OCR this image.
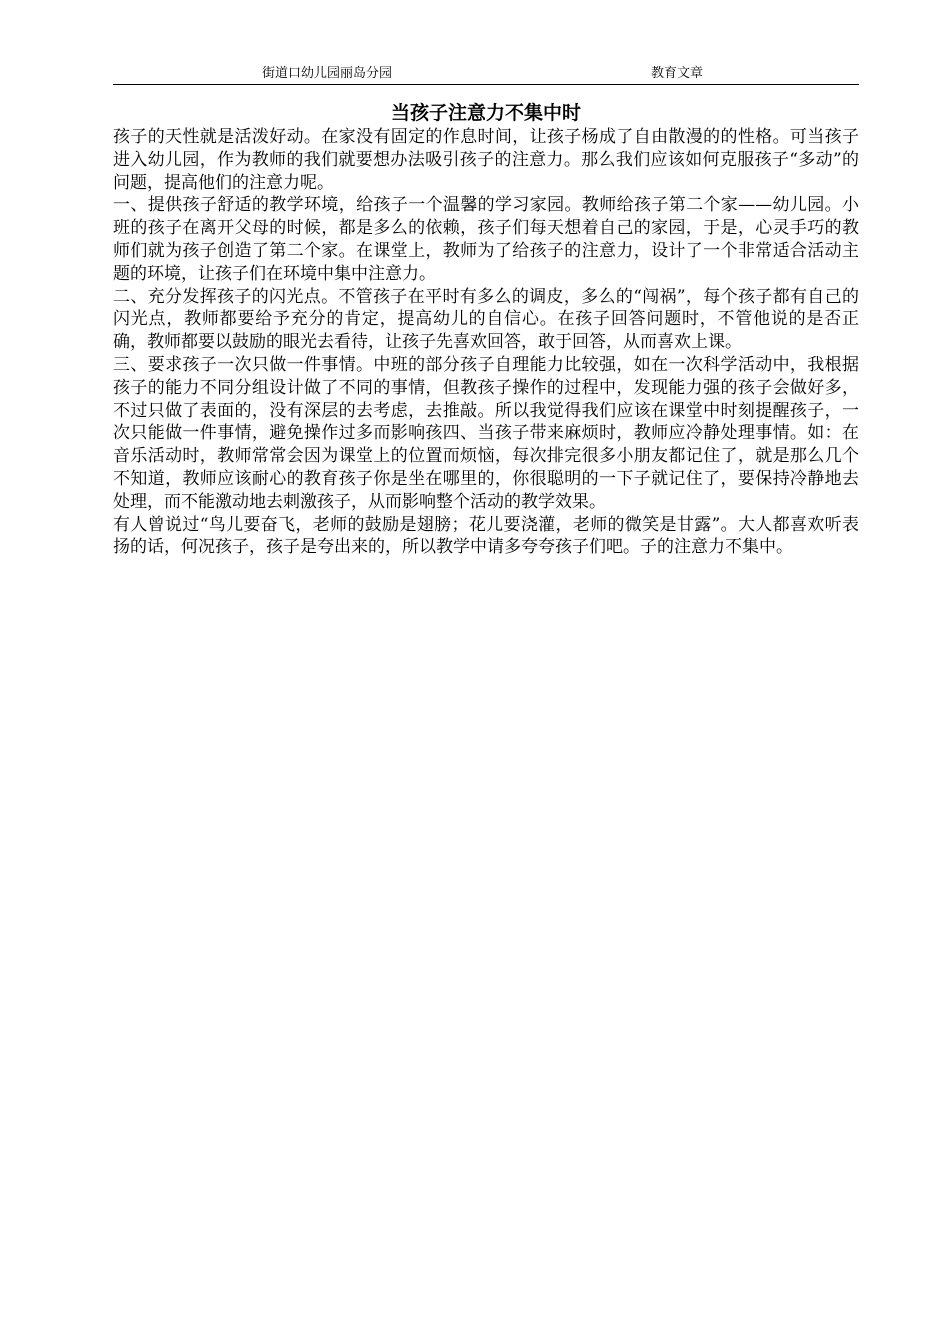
街道口幼儿园丽岛分园	教育文章
当孩子注意力不集中时

孩子的天性就是活泼好动。在家没有固定的作息时间，让孩子杨成了自由散漫的的性格。可当孩子进入幼儿园，作为教师的我们就要想办法吸引孩子的注意力。那么我们应该如何克服孩子“多动”的问题，提高他们的注意力呢。

一、提供孩子舒适的教学环境，给孩子一个温馨的学习家园。教师给孩子第二个家——幼儿园。小班的孩子在离开父母的时候，都是多么的依赖，孩子们每天想着自己的家园，于是，心灵手巧的教师们就为孩子创造了第二个家。在课堂上，教师为了给孩子的注意力，设计了一个非常适合活动主题的环境，让孩子们在环境中集中注意力。

二、充分发挥孩子的闪光点。不管孩子在平时有多么的调皮，多么的“闯祸”，每个孩子都有自己的闪光点，教师都要给予充分的肯定，提高幼儿的自信心。在孩子回答问题时，不管他说的是否正确，教师都要以鼓励的眼光去看待，让孩子先喜欢回答，敢于回答，从而喜欢上课。

三、要求孩子一次只做一件事情。中班的部分孩子自理能力比较强，如在一次科学活动中，我根据孩子的能力不同分组设计做了不同的事情，但教孩子操作的过程中，发现能力强的孩子会做好多，不过只做了表面的，没有深层的去考虑，去推敲。所以我觉得我们应该在课堂中时刻提醒孩子，一次只能做一件事情，避免操作过多而影响孩四、当孩子带来麻烦时，教师应冷静处理事情。如：在音乐活动时，教师常常会因为课堂上的位置而烦恼，每次排完很多小朋友都记住了，就是那么几个不知道，教师应该耐心的教育孩子你是坐在哪里的，你很聪明的一下子就记住了，要保持冷静地去处理，而不能激动地去刺激孩子，从而影响整个活动的教学效果。

有人曾说过“鸟儿要奋飞，老师的鼓励是翅膀；花儿要浇灌，老师的微笑是甘露”。大人都喜欢听表扬的话，何况孩子，孩子是夸出来的，所以教学中请多夸夸孩子们吧。子的注意力不集中。
